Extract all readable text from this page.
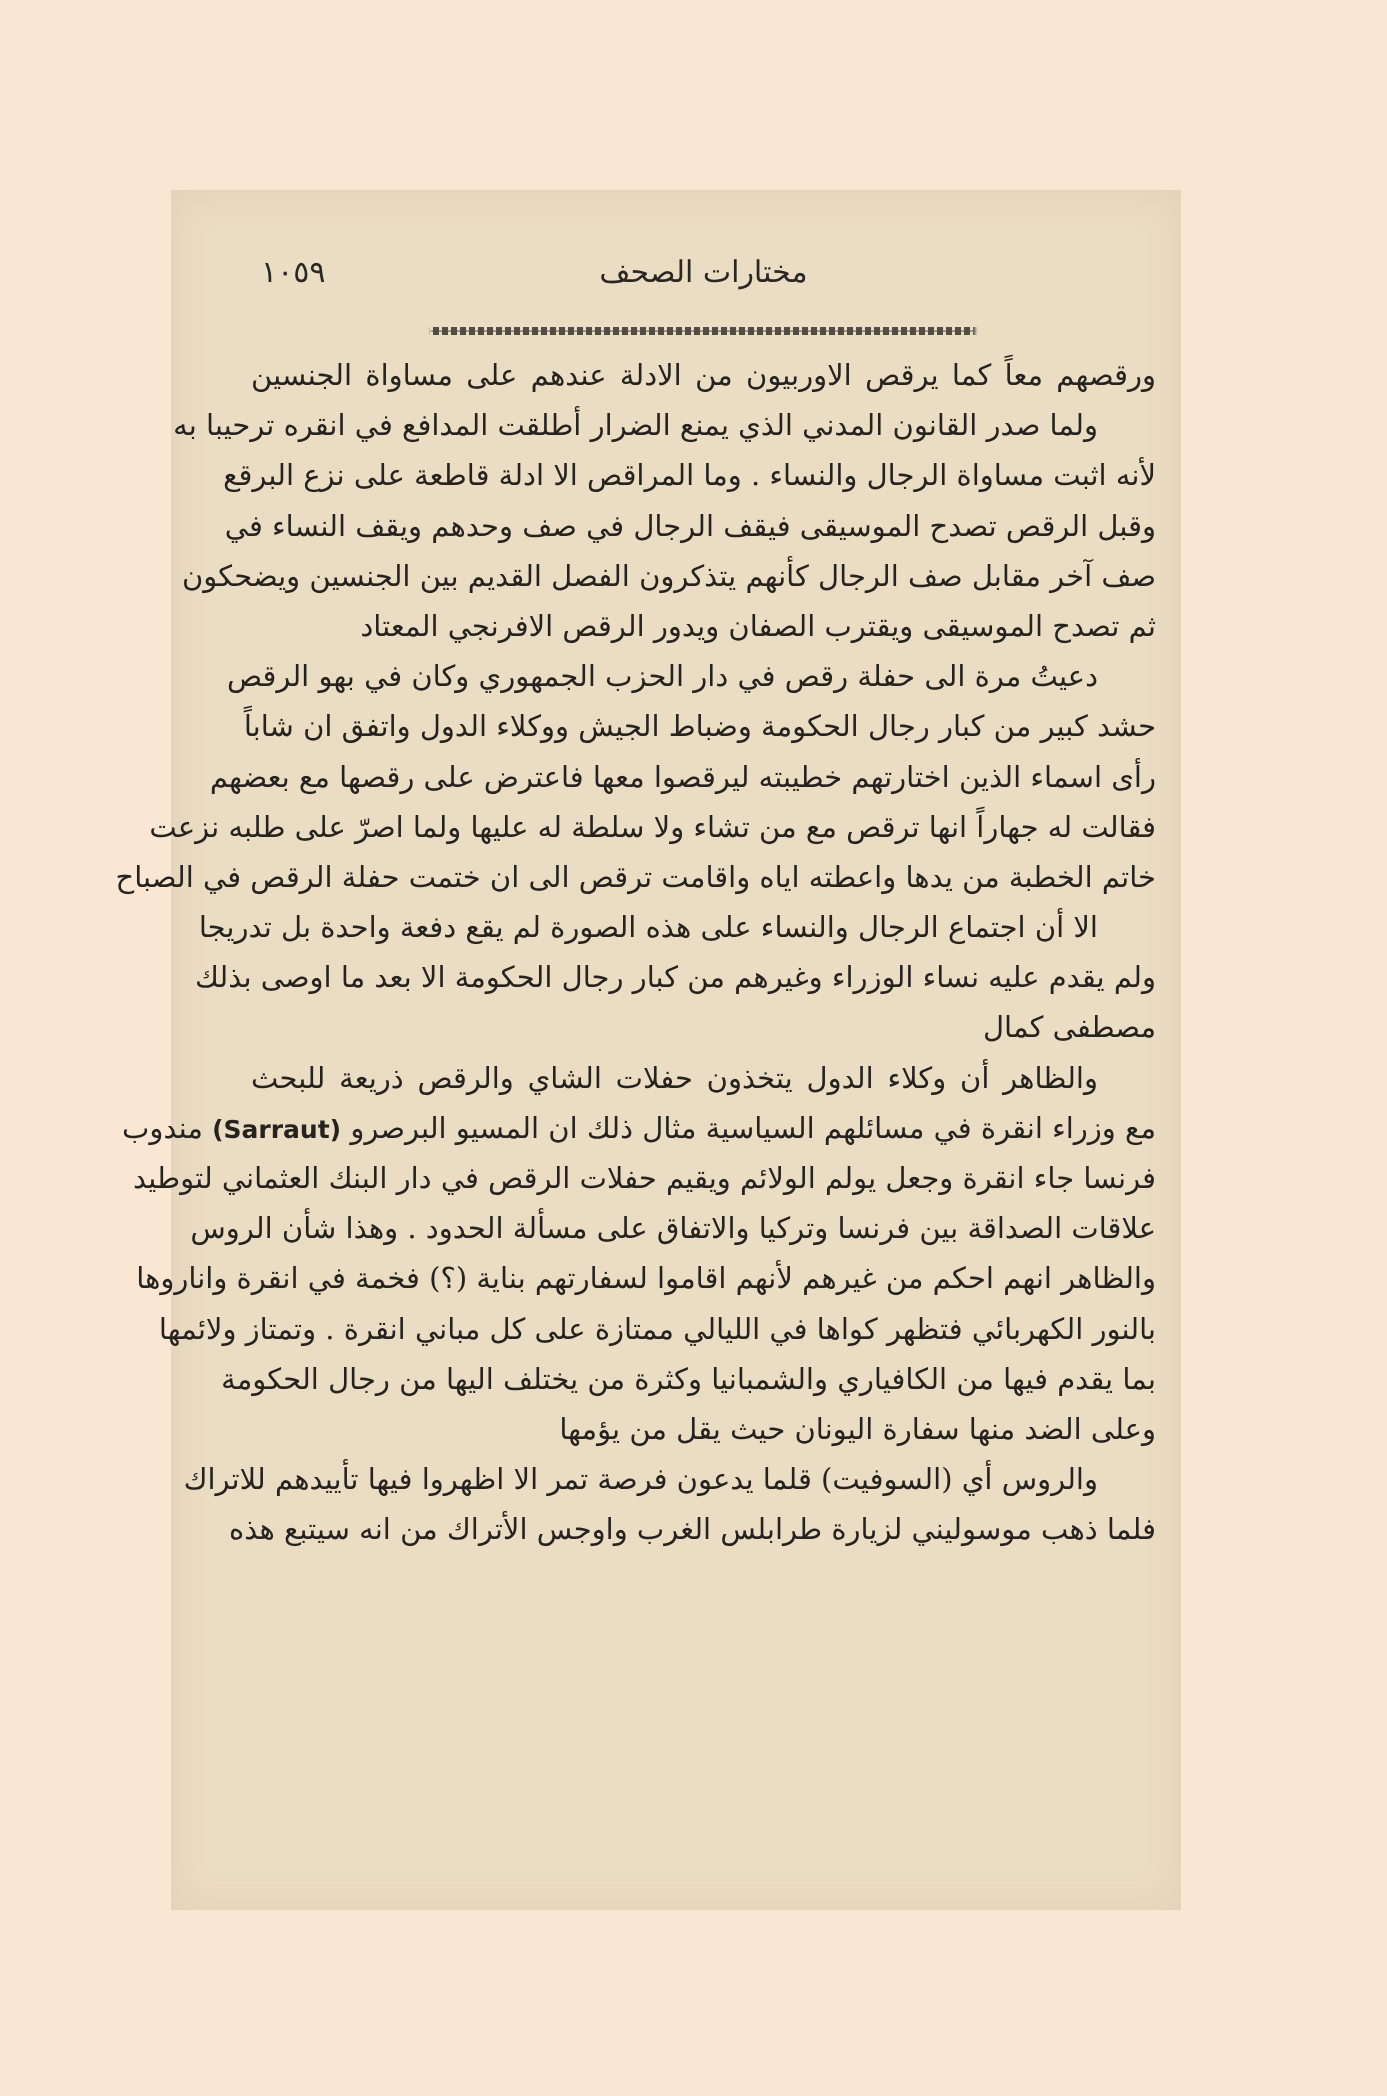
مختارات الصحف
١٠٥٩
ورقصهم معاً كما يرقص الاوربيون من الادلة عندهم على مساواة الجنسين
ولما صدر القانون المدني الذي يمنع الضرار أطلقت المدافع في انقره ترحيبا به
لأنه اثبت مساواة الرجال والنساء . وما المراقص الا ادلة قاطعة على نزع البرقع
وقبل الرقص تصدح الموسيقى فيقف الرجال في صف وحدهم ويقف النساء في
صف آخر مقابل صف الرجال كأنهم يتذكرون الفصل القديم بين الجنسين ويضحكون
ثم تصدح الموسيقى ويقترب الصفان ويدور الرقص الافرنجي المعتاد
دعيتُ مرة الى حفلة رقص في دار الحزب الجمهوري وكان في بهو الرقص
حشد كبير من كبار رجال الحكومة وضباط الجيش ووكلاء الدول واتفق ان شاباً
رأى اسماء الذين اختارتهم خطيبته ليرقصوا معها فاعترض على رقصها مع بعضهم
فقالت له جهاراً انها ترقص مع من تشاء ولا سلطة له عليها ولما اصرّ على طلبه نزعت
خاتم الخطبة من يدها واعطته اياه واقامت ترقص الى ان ختمت حفلة الرقص في الصباح
الا أن اجتماع الرجال والنساء على هذه الصورة لم يقع دفعة واحدة بل تدريجا
ولم يقدم عليه نساء الوزراء وغيرهم من كبار رجال الحكومة الا بعد ما اوصى بذلك
مصطفى كمال
والظاهر أن وكلاء الدول يتخذون حفلات الشاي والرقص ذريعة للبحث
مع وزراء انقرة في مسائلهم السياسية مثال ذلك ان المسيو البرصرو (Sarraut) مندوب
فرنسا جاء انقرة وجعل يولم الولائم ويقيم حفلات الرقص في دار البنك العثماني لتوطيد
علاقات الصداقة بين فرنسا وتركيا والاتفاق على مسألة الحدود . وهذا شأن الروس
والظاهر انهم احكم من غيرهم لأنهم اقاموا لسفارتهم بناية (؟) فخمة في انقرة واناروها
بالنور الكهربائي فتظهر كواها في الليالي ممتازة على كل مباني انقرة . وتمتاز ولائمها
بما يقدم فيها من الكافياري والشمبانيا وكثرة من يختلف اليها من رجال الحكومة
وعلى الضد منها سفارة اليونان حيث يقل من يؤمها
والروس أي (السوفيت) قلما يدعون فرصة تمر الا اظهروا فيها تأييدهم للاتراك
فلما ذهب موسوليني لزيارة طرابلس الغرب واوجس الأتراك من انه سيتبع هذه
